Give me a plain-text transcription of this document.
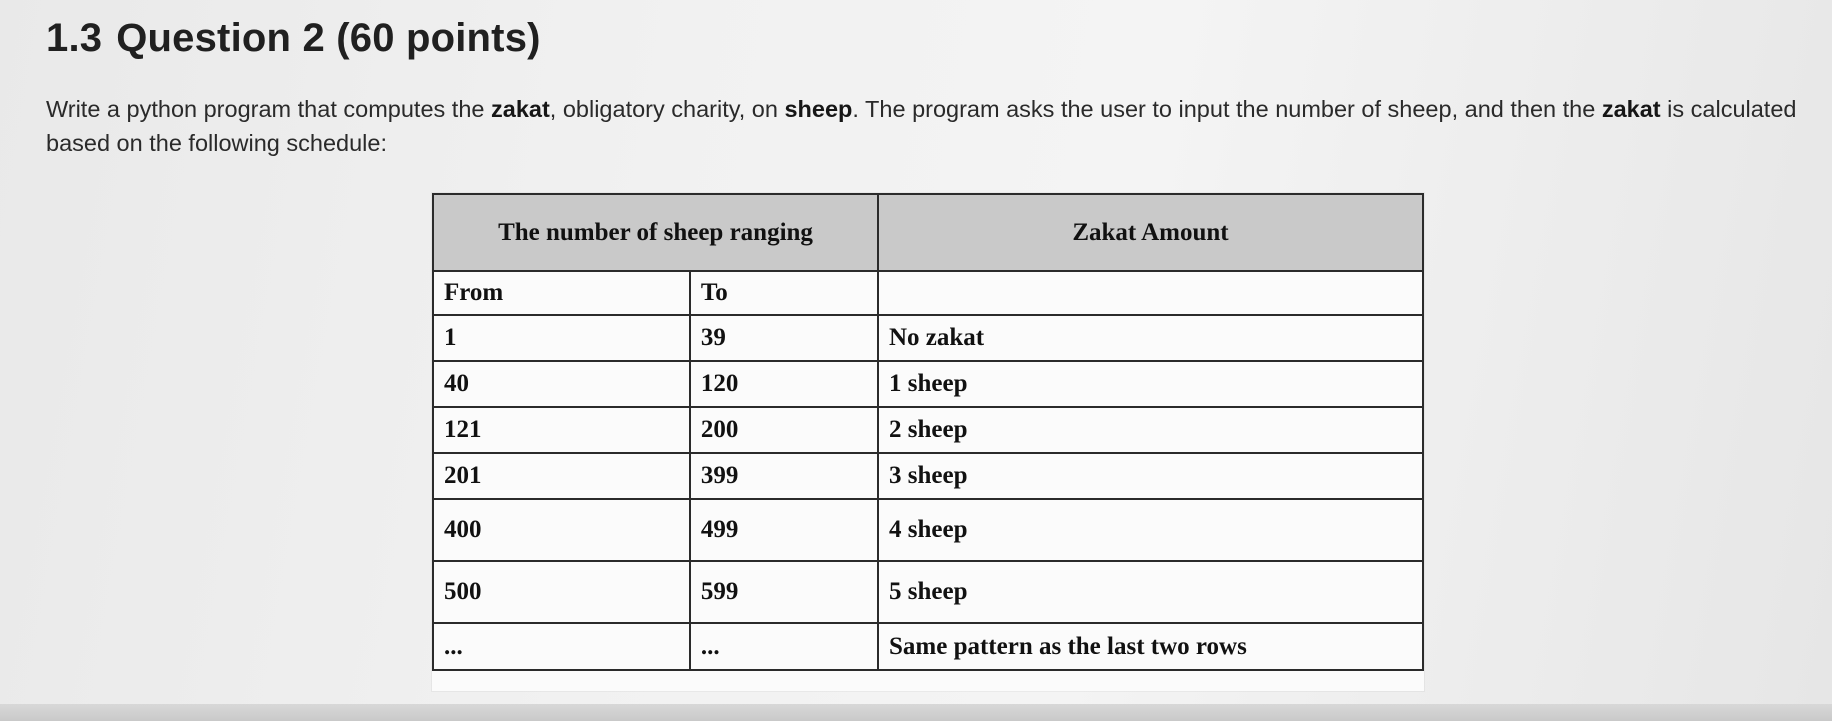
1.3 Question 2 (60 points)

Write a python program that computes the zakat, obligatory charity, on sheep. The program asks the user to input the number of sheep, and then the zakat is calculated based on the following schedule:

The number of sheep ranging		Zakat Amount
From	To	
1	39	No zakat
40	120	1 sheep
121	200	2 sheep
201	399	3 sheep
400	499	4 sheep
500	599	5 sheep
...	...	Same pattern as the last two rows
